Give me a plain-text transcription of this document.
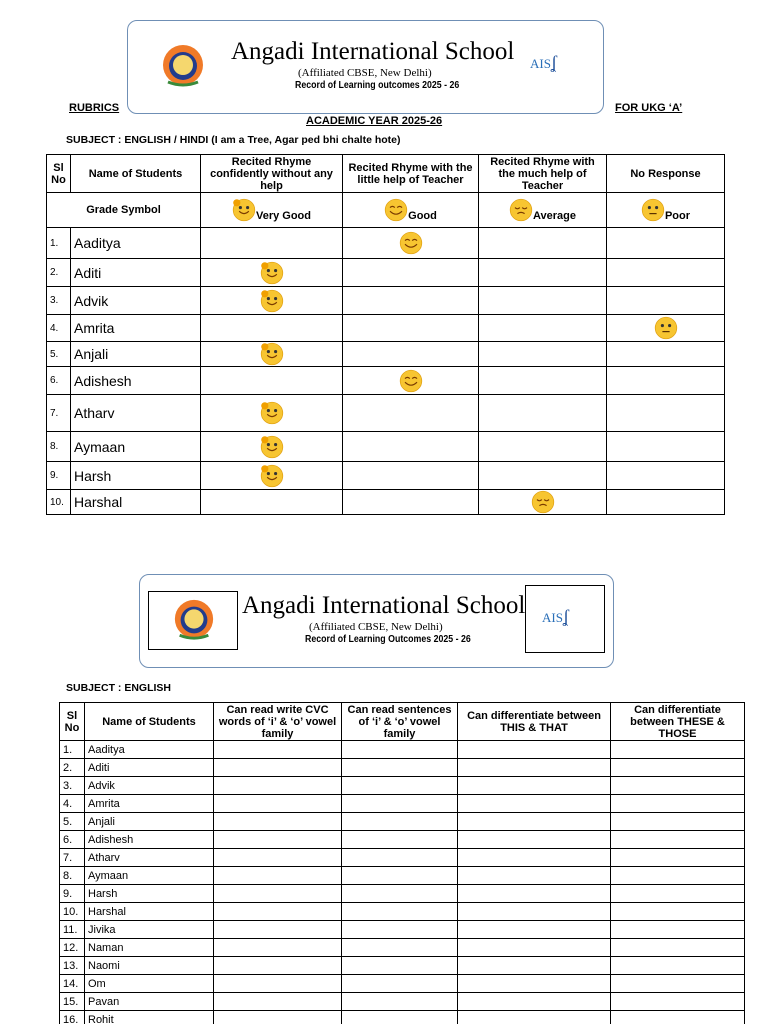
Angadi International School
(Affiliated CBSE, New Delhi)
Record of Learning outcomes 2025 - 26
AISʆ
RUBRICS	FOR UKG ‘A’
ACADEMIC YEAR 2025-26
SUBJECT : ENGLISH / HINDI (I am a Tree, Agar ped bhi chalte hote)
Sl No	Name of Students	Recited Rhyme confidently without any help	Recited Rhyme with the little help of Teacher	Recited Rhyme with the much help of Teacher	No Response
Grade Symbol		Very Good	Good	Average	Poor
1.	Aaditya				
2.	Aditi				
3.	Advik				
4.	Amrita				
5.	Anjali				
6.	Adishesh				
7.	Atharv				
8.	Aymaan				
9.	Harsh				
10.	Harshal				
Angadi International School
(Affiliated CBSE, New Delhi)
Record of Learning Outcomes 2025 - 26
AISʆ
SUBJECT : ENGLISH
Sl No	Name of Students	Can read write CVC words of ‘i’ & ‘o’ vowel family	Can read sentences of ‘i’ & ‘o’ vowel family	Can differentiate between THIS & THAT	Can differentiate between THESE & THOSE
1.	Aaditya				
2.	Aditi				
3.	Advik				
4.	Amrita				
5.	Anjali				
6.	Adishesh				
7.	Atharv				
8.	Aymaan				
9.	Harsh				
10.	Harshal				
11.	Jivika				
12.	Naman				
13.	Naomi				
14.	Om				
15.	Pavan				
16.	Rohit				
